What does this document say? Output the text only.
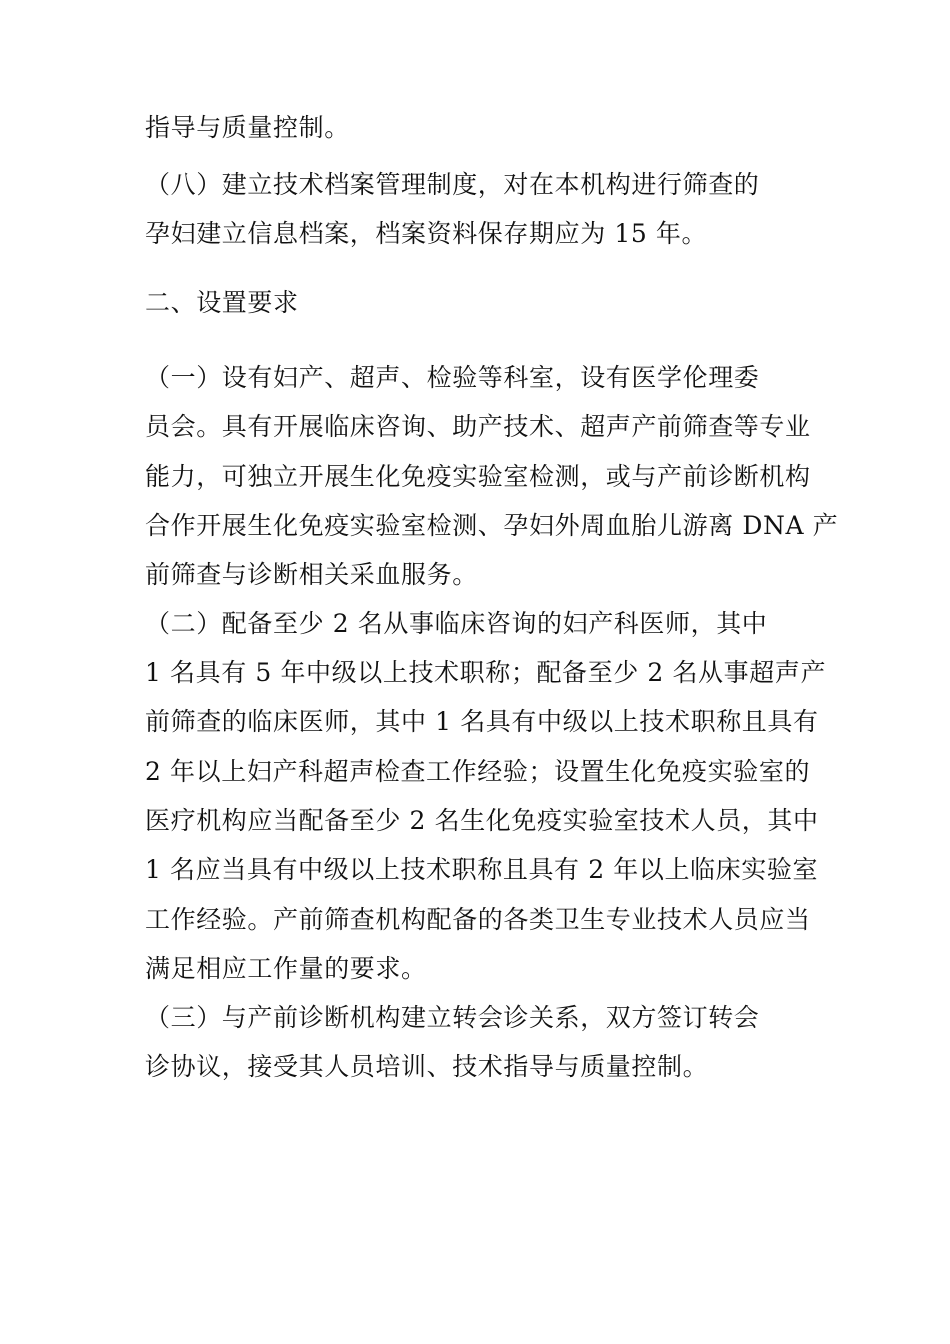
指导与质量控制。
（八）建立技术档案管理制度，对在本机构进行筛查的
孕妇建立信息档案，档案资料保存期应为 15 年。
二、设置要求
（一）设有妇产、超声、检验等科室，设有医学伦理委
员会。具有开展临床咨询、助产技术、超声产前筛查等专业
能力，可独立开展生化免疫实验室检测，或与产前诊断机构
合作开展生化免疫实验室检测、孕妇外周血胎儿游离 DNA 产
前筛查与诊断相关采血服务。
（二）配备至少 2 名从事临床咨询的妇产科医师，其中
1 名具有 5 年中级以上技术职称；配备至少 2 名从事超声产
前筛查的临床医师，其中 1 名具有中级以上技术职称且具有
2 年以上妇产科超声检查工作经验；设置生化免疫实验室的
医疗机构应当配备至少 2 名生化免疫实验室技术人员，其中
1 名应当具有中级以上技术职称且具有 2 年以上临床实验室
工作经验。产前筛查机构配备的各类卫生专业技术人员应当
满足相应工作量的要求。
（三）与产前诊断机构建立转会诊关系，双方签订转会
诊协议，接受其人员培训、技术指导与质量控制。
